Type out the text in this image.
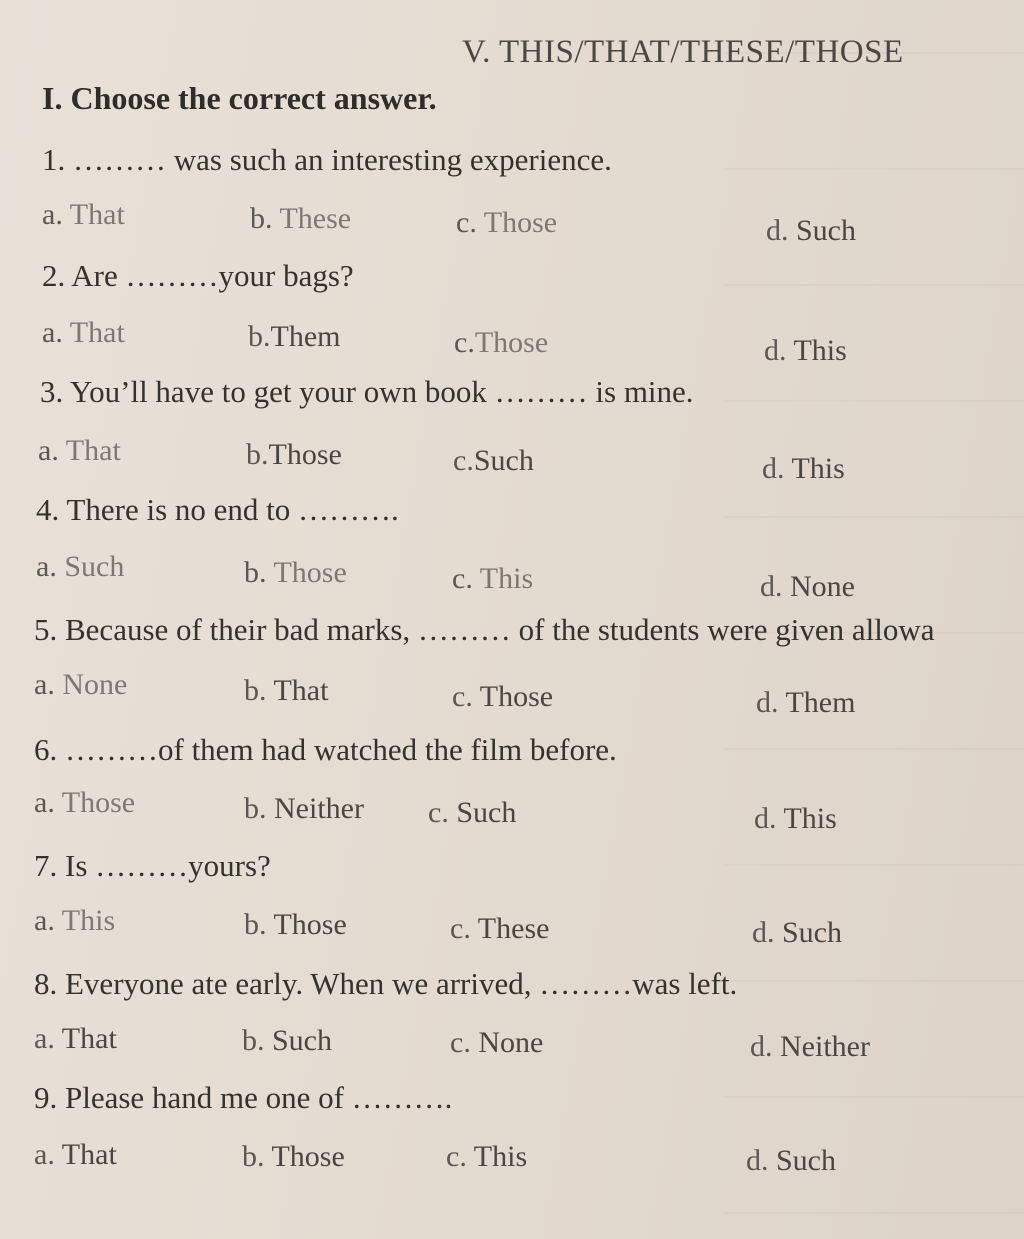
V. THIS/THAT/THESE/THOSE
I. Choose the correct answer.
1. ……… was such an interesting experience.
a. That	b. These	c. Those	d. Such
2. Are ………your bags?
a. That	b.Them	c.Those	d. This
3. You’ll have to get your own book ……… is mine.
a. That	b.Those	c.Such	d. This
4. There is no end to ……….
a. Such	b. Those	c. This	d. None
5. Because of their bad marks, ……… of the students were given allowa
a. None	b. That	c. Those	d. Them
6. ………of them had watched the film before.
a. Those	b. Neither c. Such	d. This
7. Is ………yours?
a. This	b. Those	c. These	d. Such
8. Everyone ate early. When we arrived, ………was left.
a. That	b. Such	c. None	d. Neither
9. Please hand me one of ……….
a. That	b. Those	c. This	d. Such
